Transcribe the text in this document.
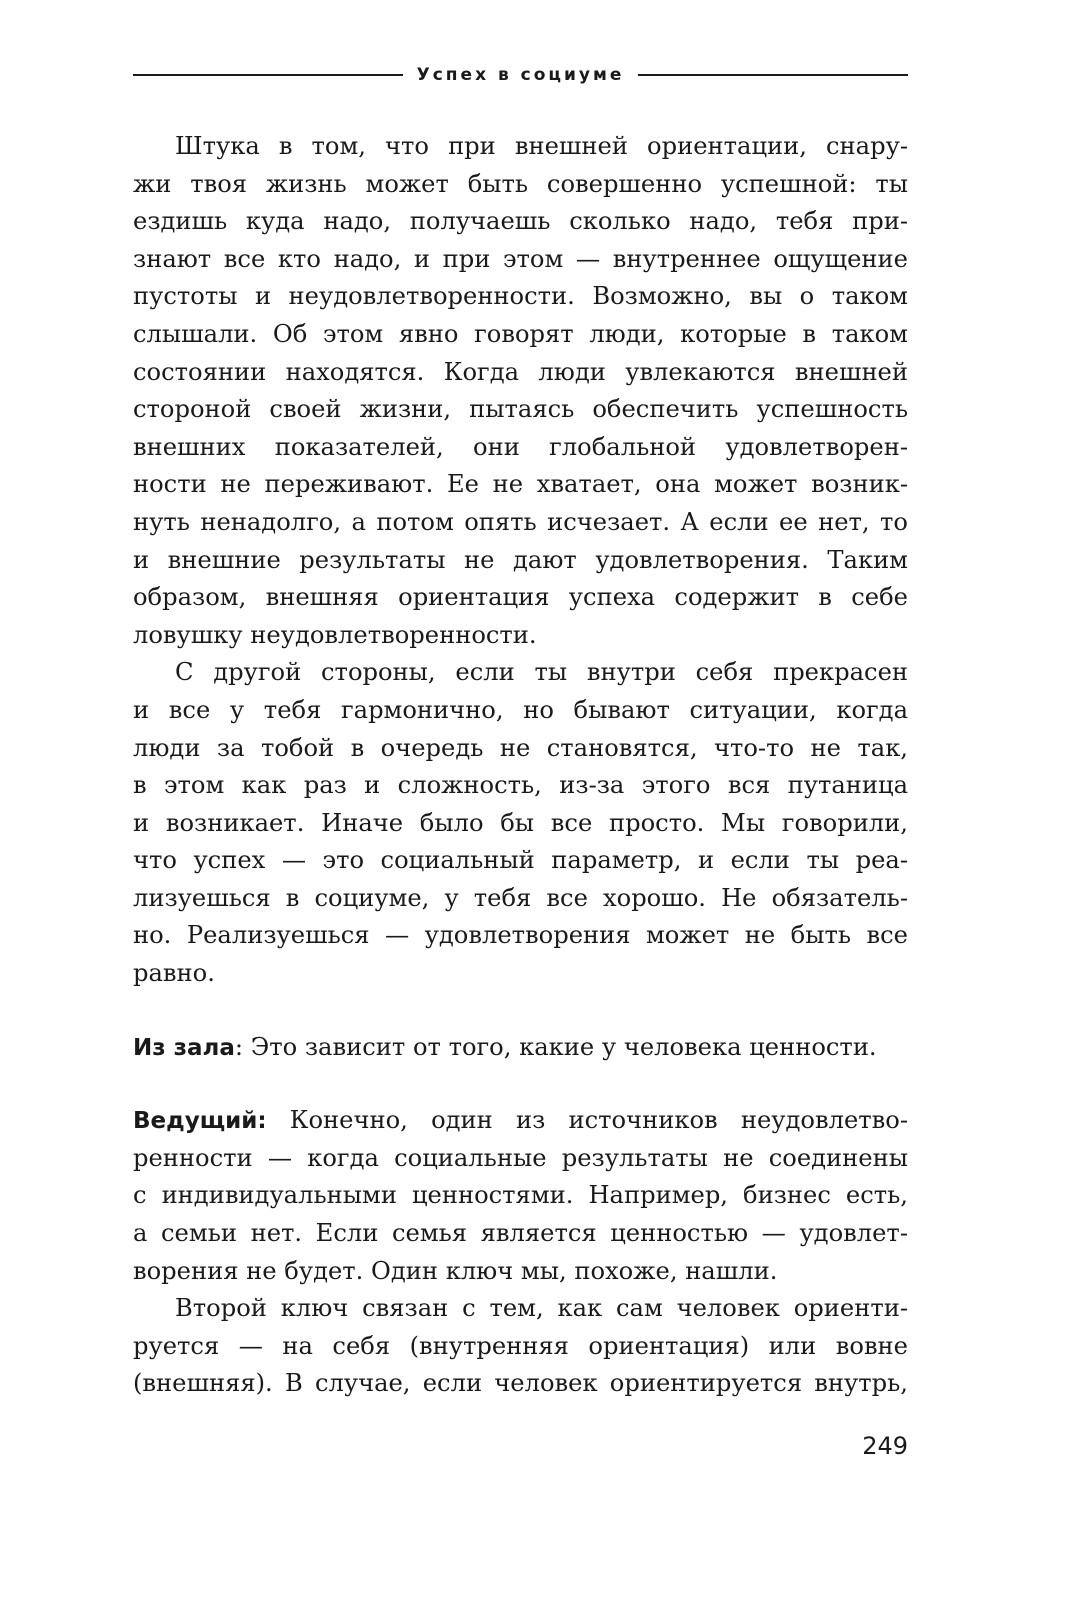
Успех в социуме
Штука в том, что при внешней ориентации, снару-
жи твоя жизнь может быть совершенно успешной: ты
ездишь куда надо, получаешь сколько надо, тебя при-
знают все кто надо, и при этом — внутреннее ощущение
пустоты и неудовлетворенности. Возможно, вы о таком
слышали. Об этом явно говорят люди, которые в таком
состоянии находятся. Когда люди увлекаются внешней
стороной своей жизни, пытаясь обеспечить успешность
внешних показателей, они глобальной удовлетворен-
ности не переживают. Ее не хватает, она может возник-
нуть ненадолго, а потом опять исчезает. А если ее нет, то
и внешние результаты не дают удовлетворения. Таким
образом, внешняя ориентация успеха содержит в себе
ловушку неудовлетворенности.
С другой стороны, если ты внутри себя прекрасен
и все у тебя гармонично, но бывают ситуации, когда
люди за тобой в очередь не становятся, что-то не так,
в этом как раз и сложность, из-за этого вся путаница
и возникает. Иначе было бы все просто. Мы говорили,
что успех — это социальный параметр, и если ты реа-
лизуешься в социуме, у тебя все хорошо. Не обязатель-
но. Реализуешься — удовлетворения может не быть все
равно.
Из зала: Это зависит от того, какие у человека ценности.
Ведущий: Конечно, один из источников неудовлетво-
ренности — когда социальные результаты не соединены
с индивидуальными ценностями. Например, бизнес есть,
а семьи нет. Если семья является ценностью — удовлет-
ворения не будет. Один ключ мы, похоже, нашли.
Второй ключ связан с тем, как сам человек ориенти-
руется — на себя (внутренняя ориентация) или вовне
(внешняя). В случае, если человек ориентируется внутрь,
249
